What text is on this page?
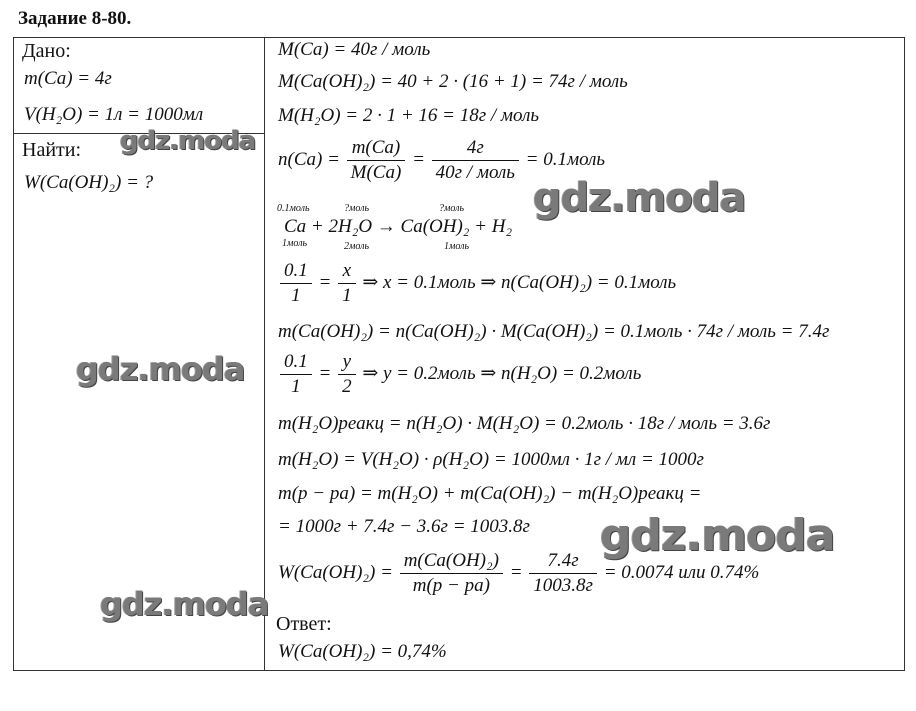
Задание 8-80.
Дано:
m(Ca) = 4г
V(H₂O) = 1л = 1000мл
Найти:
W(Ca(OH)₂) = ?
M(Ca) = 40г / моль
M(Ca(OH)₂) = 40 + 2 · (16 + 1) = 74г / моль
M(H₂O) = 2 · 1 + 16 = 18г / моль
$n(Ca) = \frac{m(Ca)}{M(Ca)} = \frac{4г}{\text{40г / моль}}$ = 0.1моль
0.1моль	?моль	?моль
Ca + 2H₂O → Ca(OH)₂ + H₂
1моль	2моль	1моль
$\frac{0.1}{1} = \frac{x}{1}$ ⇒ x = 0.1моль ⇒ n(Ca(OH)₂) = 0.1моль
m(Ca(OH)₂) = n(Ca(OH)₂) · M(Ca(OH)₂) = 0.1моль · 74г / моль = 7.4г
$\frac{0.1}{1} = \frac{y}{2}$ ⇒ y = 0.2моль ⇒ n(H₂O) = 0.2моль
m(H₂O)реакц = n(H₂O) · M(H₂O) = 0.2моль · 18г / моль = 3.6г
m(H₂O) = V(H₂O) · ρ(H₂O) = 1000мл · 1г / мл = 1000г
m(p − pa) = m(H₂O) + m(Ca(OH)₂) − m(H₂O)реакц =
= 1000г + 7.4г − 3.6г = 1003.8г
$W(Ca(OH)_2) = \frac{\text{m(Ca(OH)₂)}}{m(p - pa)} = \frac{7.4г}{1003.8г} = 0.0074$ или 0.74%
Ответ:
W(Ca(OH)₂) = 0,74%
gdz.moda
gdz.moda
gdz.moda
gdz.moda
gdz.moda
